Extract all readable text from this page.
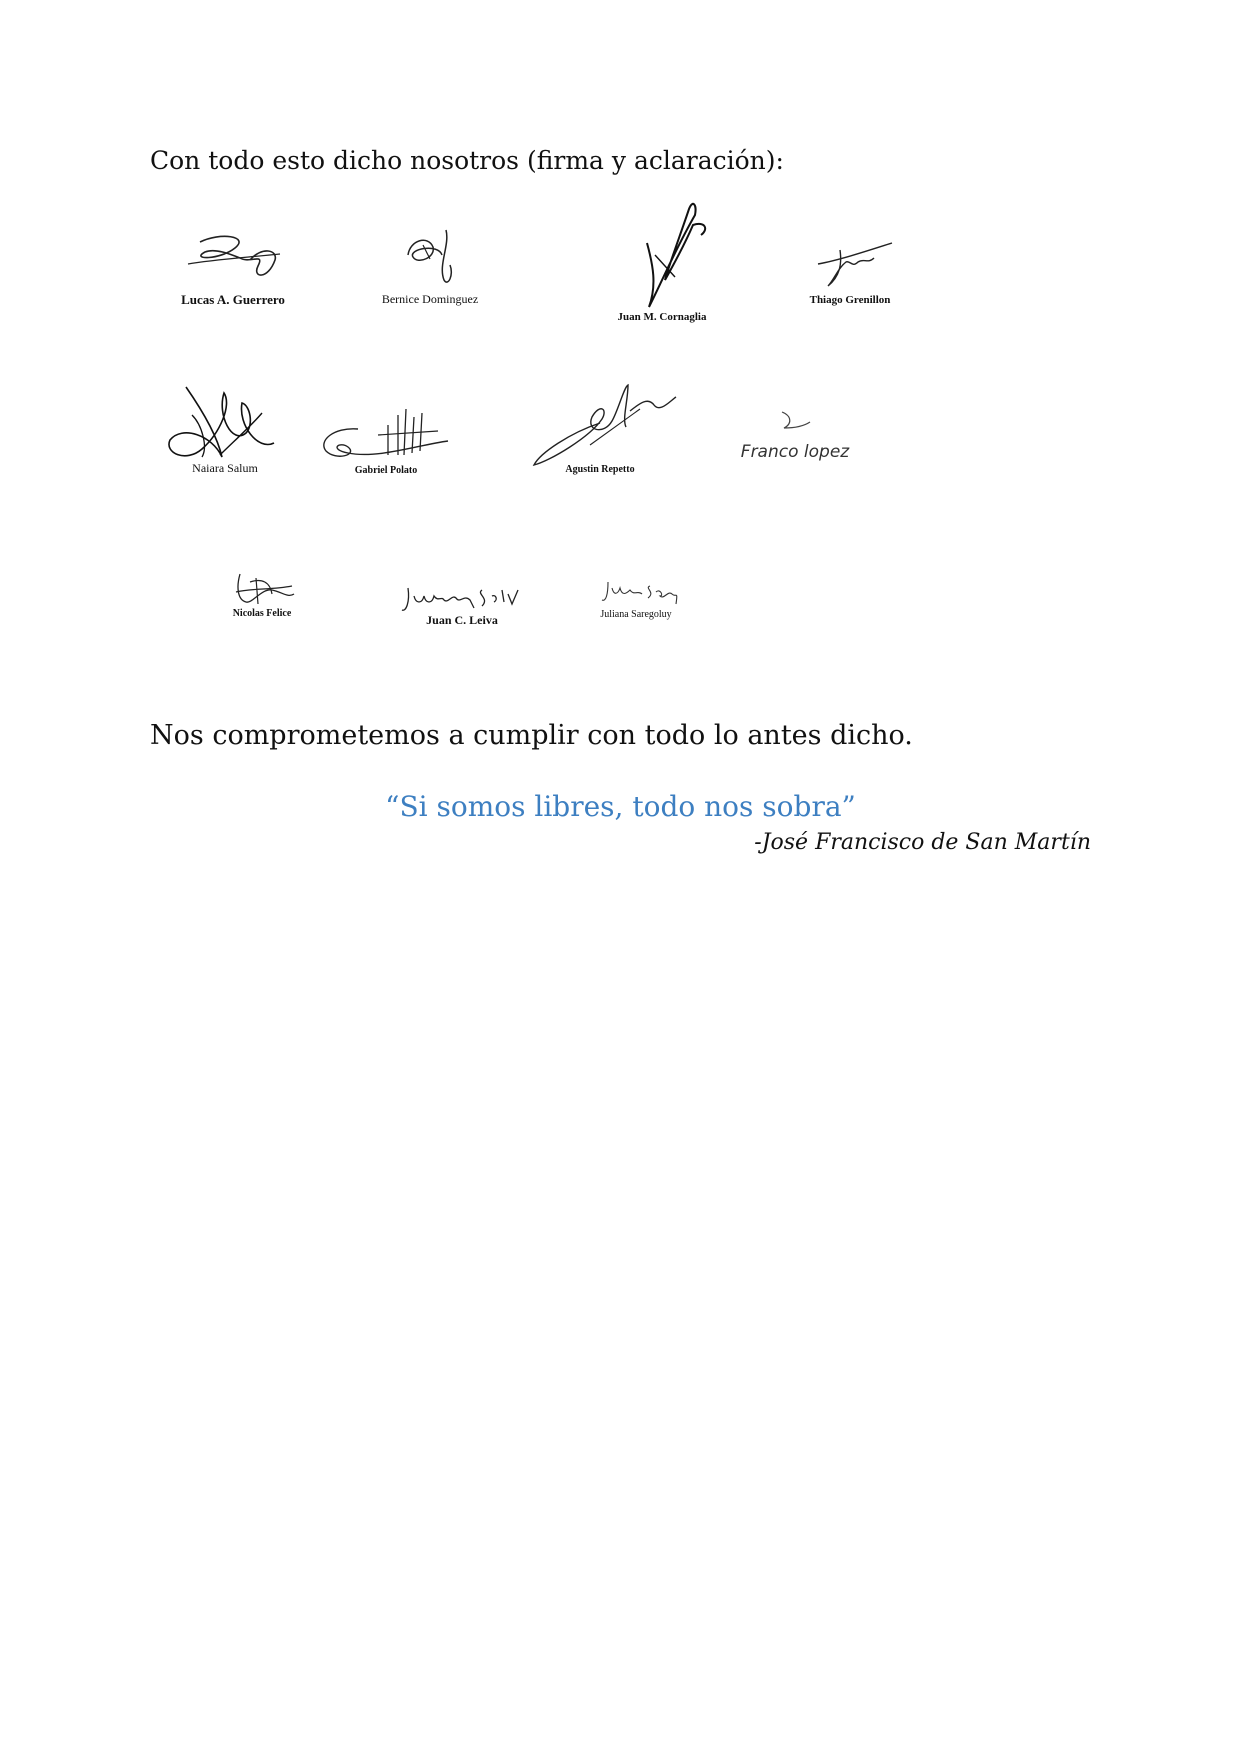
Con todo esto dicho nosotros (firma y aclaración):

Lucas A. Guerrero	Bernice Dominguez
Juan M. Cornaglia
Thiago Grenillon
Naiara Salum	Gabriel Polato	Agustin Repetto
Franco lopez
Nicolas Felice	Juan C. Leiva	Juliana Saregoluy

Nos comprometemos a cumplir con todo lo antes dicho.

“Si somos libres, todo nos sobra”

-José Francisco de San Martín
